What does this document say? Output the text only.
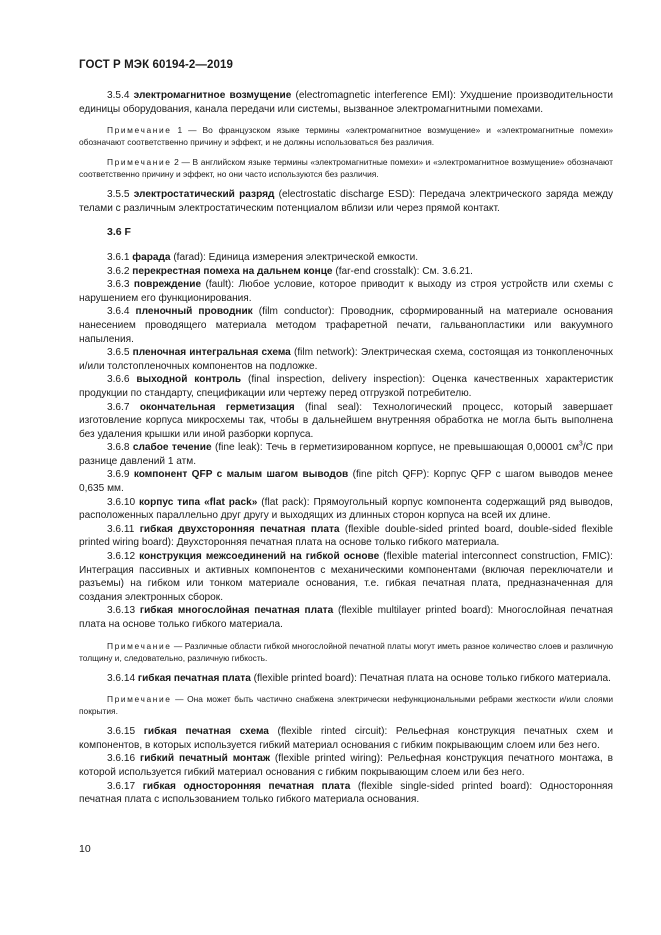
ГОСТ Р МЭК 60194-2—2019

3.5.4 электромагнитное возмущение (electromagnetic interference EMI): Ухудшение производительности единицы оборудования, канала передачи или системы, вызванное электромагнитными помехами.

Примечание 1 — Во французском языке термины «электромагнитное возмущение» и «электромагнитные помехи» обозначают соответственно причину и эффект, и не должны использоваться без различия.

Примечание 2 — В английском языке термины «электромагнитные помехи» и «электромагнитное возмущение» обозначают соответственно причину и эффект, но они часто используются без различия.

3.5.5 электростатический разряд (electrostatic discharge ESD): Передача электрического заряда между телами с различным электростатическим потенциалом вблизи или через прямой контакт.

3.6 F

3.6.1 фарада (farad): Единица измерения электрической емкости.

3.6.2 перекрестная помеха на дальнем конце (far-end crosstalk): См. 3.6.21.

3.6.3 повреждение (fault): Любое условие, которое приводит к выходу из строя устройств или схемы с нарушением его функционирования.

3.6.4 пленочный проводник (film conductor): Проводник, сформированный на материале основания нанесением проводящего материала методом трафаретной печати, гальванопластики или вакуумного напыления.

3.6.5 пленочная интегральная схема (film network): Электрическая схема, состоящая из тонкопленочных и/или толстопленочных компонентов на подложке.

3.6.6 выходной контроль (final inspection, delivery inspection): Оценка качественных характеристик продукции по стандарту, спецификации или чертежу перед отгрузкой потребителю.

3.6.7 окончательная герметизация (final seal): Технологический процесс, который завершает изготовление корпуса микросхемы так, чтобы в дальнейшем внутренняя обработка не могла быть выполнена без удаления крышки или иной разборки корпуса.

3.6.8 слабое течение (fine leak): Течь в герметизированном корпусе, не превышающая 0,00001 $см^3/С$ при разнице давлений 1 атм.

3.6.9 компонент QFP с малым шагом выводов (fine pitch QFP): Корпус QFP с шагом выводов менее 0,635 мм.

3.6.10 корпус типа «flat pack» (flat pack): Прямоугольный корпус компонента содержащий ряд выводов, расположенных параллельно друг другу и выходящих из длинных сторон корпуса на всей их длине.

3.6.11 гибкая двухсторонняя печатная плата (flexible double-sided printed board, double-sided flexible printed wiring board): Двухсторонняя печатная плата на основе только гибкого материала.

3.6.12 конструкция межсоединений на гибкой основе (flexible material interconnect construction, FMIC): Интеграция пассивных и активных компонентов с механическими компонентами (включая переключатели и разъемы) на гибком или тонком материале основания, т.е. гибкая печатная плата, предназначенная для создания электронных сборок.

3.6.13 гибкая многослойная печатная плата (flexible multilayer printed board): Многослойная печатная плата на основе только гибкого материала.

Примечание — Различные области гибкой многослойной печатной платы могут иметь разное количество слоев и различную толщину и, следовательно, различную гибкость.

3.6.14 гибкая печатная плата (flexible printed board): Печатная плата на основе только гибкого материала.

Примечание — Она может быть частично снабжена электрически нефункциональными ребрами жесткости и/или слоями покрытия.

3.6.15 гибкая печатная схема (flexible rinted circuit): Рельефная конструкция печатных схем и компонентов, в которых используется гибкий материал основания с гибким покрывающим слоем или без него.

3.6.16 гибкий печатный монтаж (flexible printed wiring): Рельефная конструкция печатного монтажа, в которой используется гибкий материал основания с гибким покрывающим слоем или без него.

3.6.17 гибкая односторонняя печатная плата (flexible single-sided printed board): Односторонняя печатная плата с использованием только гибкого материала основания.

10
